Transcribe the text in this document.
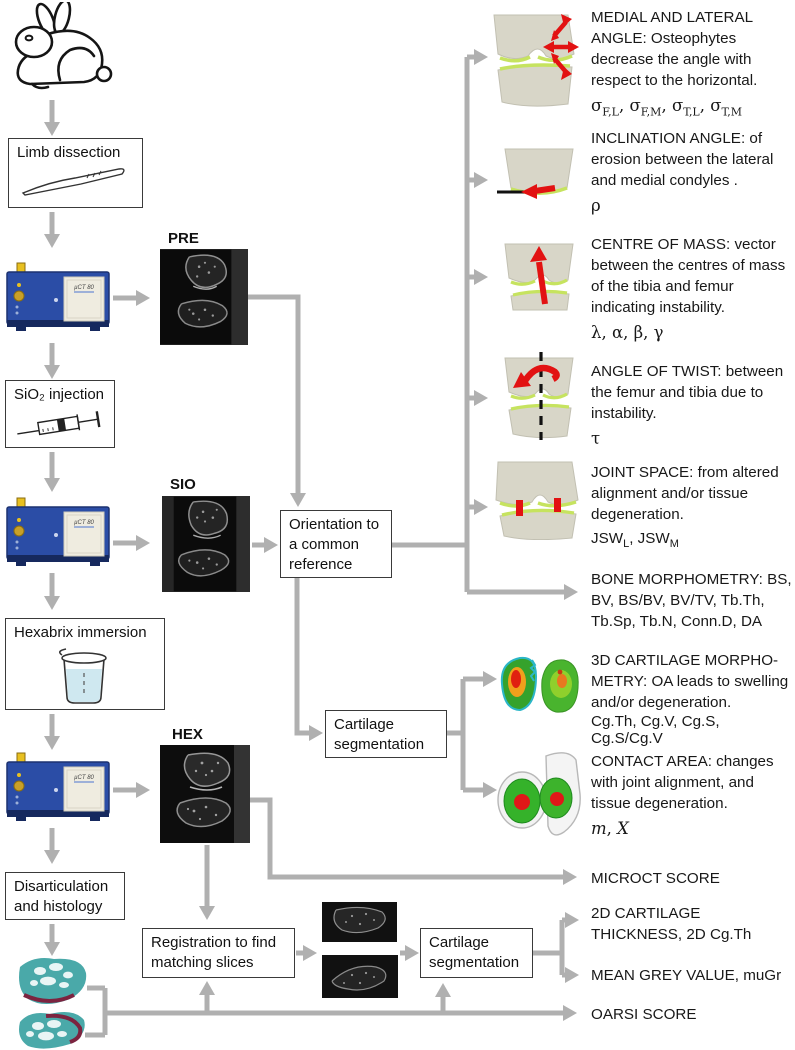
Limb dissection
SiO₂ injection
Hexabrix immersion
Disarticulation and histology
µCT 80
µCT 80
µCT 80
PRE
SIO
HEX
Orientation to a common reference
Cartilage segmentation
Registration to find matching slices
Cartilage segmentation

MEDIAL AND LATERAL ANGLE: Osteophytes decrease the angle with respect to the horizontal.

$\sigma_{F,L}$, $\sigma_{F,M}$, $\sigma_{T,L}$, $\sigma_{T,M}$

INCLINATION ANGLE: of erosion between the lateral and medial condyles .

ρ

CENTRE OF MASS: vector between the centres of mass of the tibia and femur indicating instability.

λ, α, β, γ

ANGLE OF TWIST: between the femur and tibia due to instability.

τ

JOINT SPACE: from altered alignment and/or tissue degeneration.

$JSW_L$, $JSW_M$

BONE MORPHOMETRY: BS, BV, BS/BV, BV/TV, Tb.Th, Tb.Sp, Tb.N, Conn.D, DA

3D CARTILAGE MORPHO-METRY: OA leads to swelling and/or degeneration.

Cg.Th, Cg.V, Cg.S, Cg.S/Cg.V

CONTACT AREA: changes with joint alignment, and tissue degeneration.

m, Χ

MICROCT SCORE
2D CARTILAGE THICKNESS, 2D Cg.Th
MEAN GREY VALUE, muGr
OARSI SCORE
